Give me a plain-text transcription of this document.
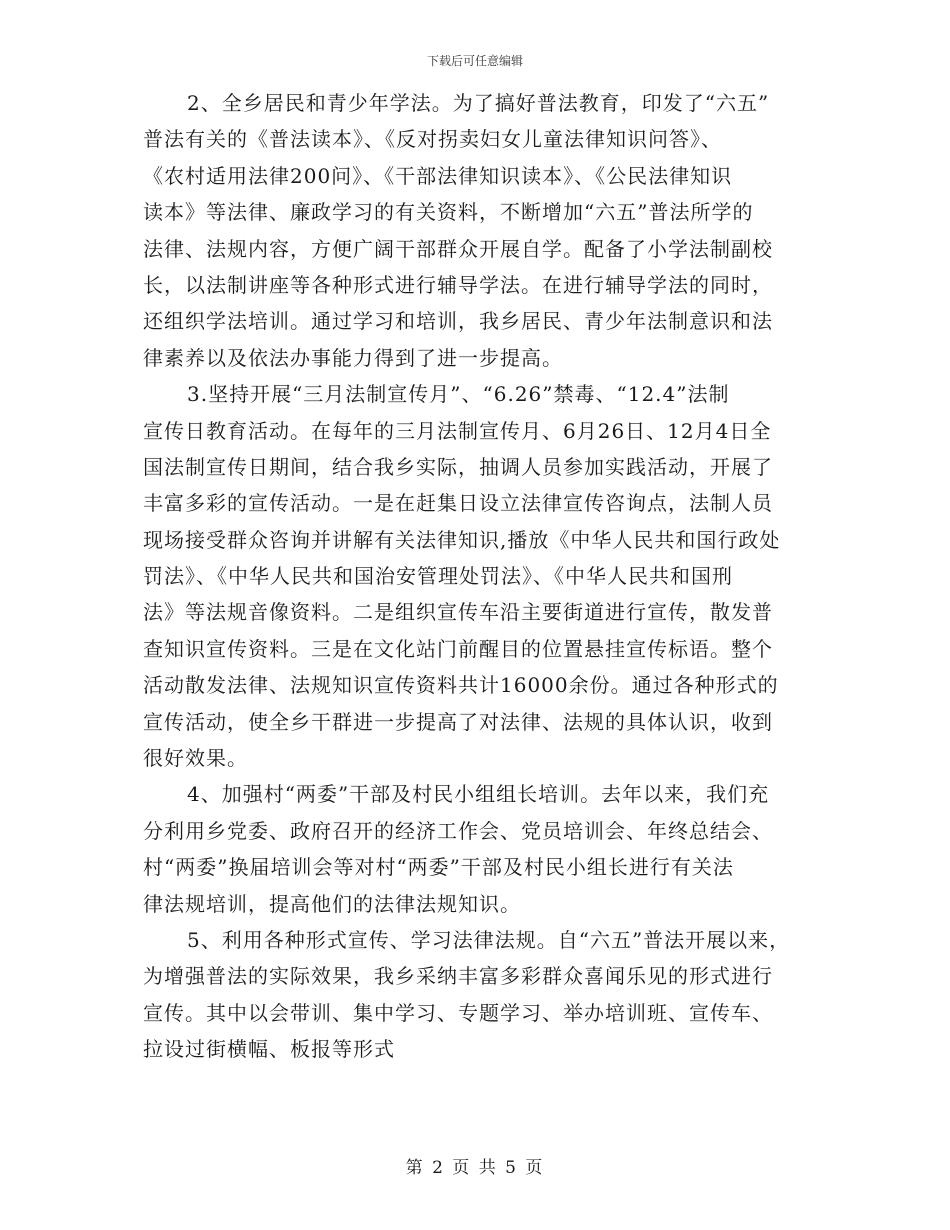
下载后可任意编辑
2、全乡居民和青少年学法。为了搞好普法教育，印发了“六五”
普法有关的《普法读本》、《反对拐卖妇女儿童法律知识问答》、
《农村适用法律200问》、《干部法律知识读本》、《公民法律知识
读本》等法律、廉政学习的有关资料，不断增加“六五”普法所学的
法律、法规内容，方便广阔干部群众开展自学。配备了小学法制副校
长，以法制讲座等各种形式进行辅导学法。在进行辅导学法的同时，
还组织学法培训。通过学习和培训，我乡居民、青少年法制意识和法
律素养以及依法办事能力得到了进一步提高。
3.坚持开展“三月法制宣传月”、“6.26”禁毒、“12.4”法制
宣传日教育活动。在每年的三月法制宣传月、6月26日、12月4日全
国法制宣传日期间，结合我乡实际，抽调人员参加实践活动，开展了
丰富多彩的宣传活动。一是在赶集日设立法律宣传咨询点，法制人员
现场接受群众咨询并讲解有关法律知识,播放《中华人民共和国行政处
罚法》、《中华人民共和国治安管理处罚法》、《中华人民共和国刑
法》等法规音像资料。二是组织宣传车沿主要街道进行宣传，散发普
查知识宣传资料。三是在文化站门前醒目的位置悬挂宣传标语。整个
活动散发法律、法规知识宣传资料共计16000余份。通过各种形式的
宣传活动，使全乡干群进一步提高了对法律、法规的具体认识，收到
很好效果。
4、加强村“两委”干部及村民小组组长培训。去年以来，我们充
分利用乡党委、政府召开的经济工作会、党员培训会、年终总结会、
村“两委”换届培训会等对村“两委”干部及村民小组长进行有关法
律法规培训，提高他们的法律法规知识。
5、利用各种形式宣传、学习法律法规。自“六五”普法开展以来，
为增强普法的实际效果，我乡采纳丰富多彩群众喜闻乐见的形式进行
宣传。其中以会带训、集中学习、专题学习、举办培训班、宣传车、
拉设过街横幅、板报等形式
第 2 页 共 5 页
